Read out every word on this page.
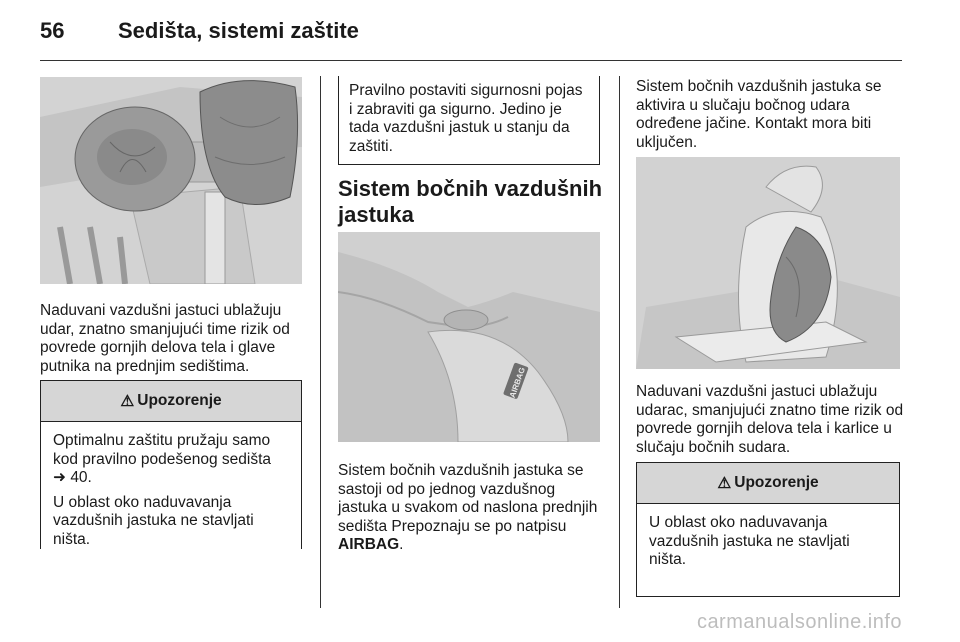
56 Sedišta, sistemi zaštite
Naduvani vazdušni jastuci ublažuju udar, znatno smanjujući time rizik od povrede gornjih delova tela i glave putnika na prednjim sedištima.
⚠ Upozorenje

Optimalnu zaštitu pružaju samo kod pravilno podešenog sedišta
➜ 40.

U oblast oko naduvavanja vazdušnih jastuka ne stavljati ništa.

Pravilno postaviti sigurnosni pojas i zabraviti ga sigurno. Jedino je tada vazdušni jastuk u stanju da zaštiti.
Sistem bočnih vazdušnih jastuka
AIRBAG
Sistem bočnih vazdušnih jastuka se sastoji od po jednog vazdušnog jastuka u svakom od naslona prednjih sedišta Prepoznaju se po natpisu AIRBAG.
Sistem bočnih vazdušnih jastuka se aktivira u slučaju bočnog udara određene jačine. Kontakt mora biti uključen.
Naduvani vazdušni jastuci ublažuju udarac, smanjujući znatno time rizik od povrede gornjih delova tela i karlice u slučaju bočnih sudara.
⚠ Upozorenje

U oblast oko naduvavanja vazdušnih jastuka ne stavljati ništa.

carmanualsonline.info
